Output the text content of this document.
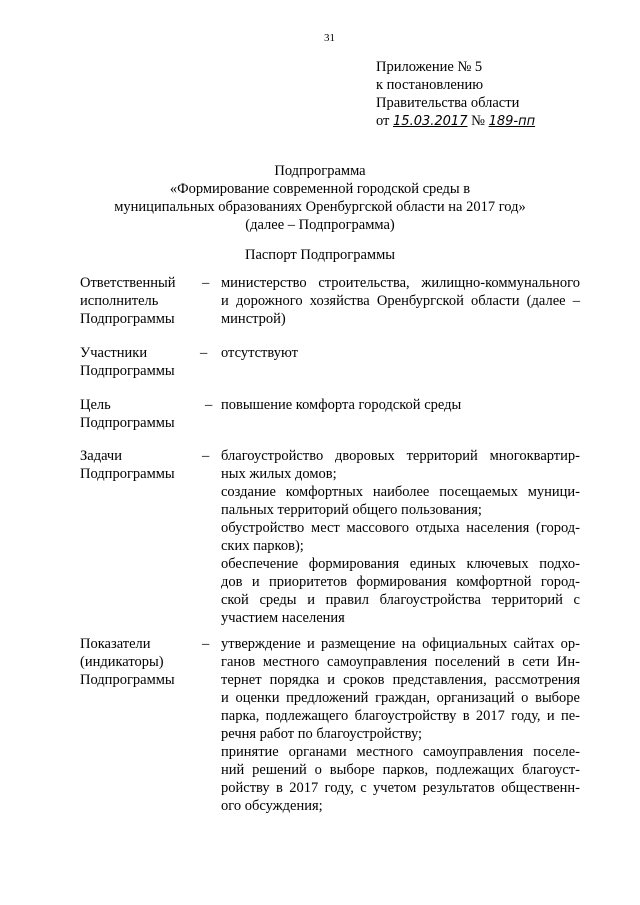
31
Приложение № 5
к постановлению
Правительства области
от 15.03.2017 № 189-пп
Подпрограмма
«Формирование современной городской среды в
муниципальных образованиях Оренбургской области на 2017 год»
(далее – Подпрограмма)
Паспорт Подпрограммы
Ответственный
исполнитель
Подпрограммы
– министерство строительства, жилищно-коммунального
и дорожного хозяйства Оренбургской области (далее –
минстрой)
Участники
Подпрограммы
– отсутствуют
Цель
Подпрограммы
– повышение комфорта городской среды
Задачи
Подпрограммы
– благоустройство дворовых территорий многоквартир-
ных жилых домов;
создание комфортных наиболее посещаемых муници-
пальных территорий общего пользования;
обустройство мест массового отдыха населения (город-
ских парков);
обеспечение формирования единых ключевых подхо-
дов и приоритетов формирования комфортной город-
ской среды и правил благоустройства территорий с
участием населения
Показатели
(индикаторы)
Подпрограммы
– утверждение и размещение на официальных сайтах ор-
ганов местного самоуправления поселений в сети Ин-
тернет порядка и сроков представления, рассмотрения
и оценки предложений граждан, организаций о выборе
парка, подлежащего благоустройству в 2017 году, и пе-
речня работ по благоустройству;
принятие органами местного самоуправления поселе-
ний решений о выборе парков, подлежащих благоуст-
ройству в 2017 году, с учетом результатов общественн-
ого обсуждения;
